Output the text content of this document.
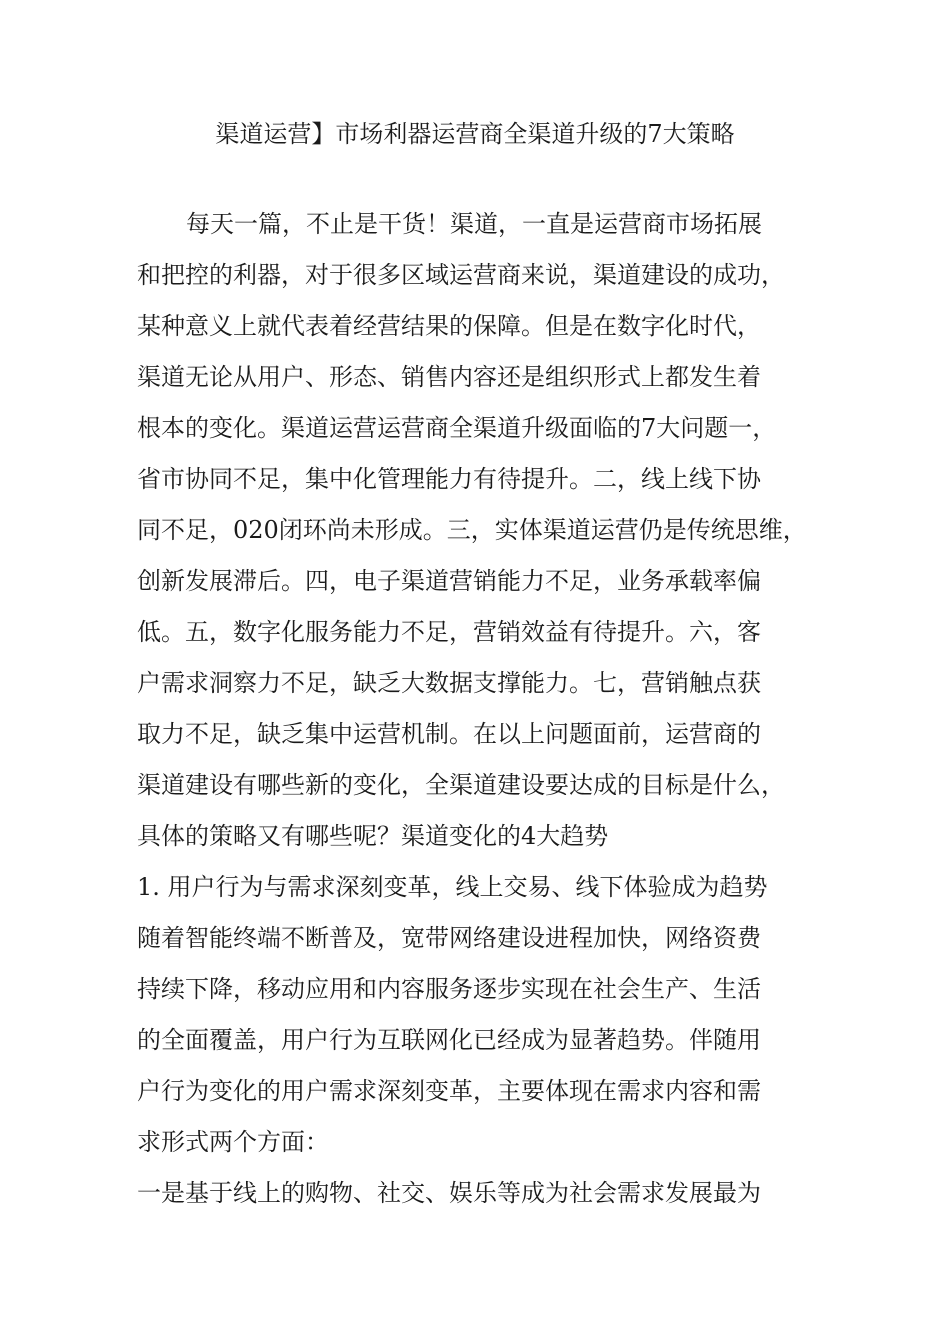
渠道运营】市场利器运营商全渠道升级的7大策略
每天一篇，不止是干货！渠道，一直是运营商市场拓展
和把控的利器，对于很多区域运营商来说，渠道建设的成功，
某种意义上就代表着经营结果的保障。但是在数字化时代，
渠道无论从用户、形态、销售内容还是组织形式上都发生着
根本的变化。渠道运营运营商全渠道升级面临的7大问题一，
省市协同不足，集中化管理能力有待提升。二，线上线下协
同不足，020闭环尚未形成。三，实体渠道运营仍是传统思维，
创新发展滞后。四，电子渠道营销能力不足，业务承载率偏
低。五，数字化服务能力不足，营销效益有待提升。六，客
户需求洞察力不足，缺乏大数据支撑能力。七，营销触点获
取力不足，缺乏集中运营机制。在以上问题面前，运营商的
渠道建设有哪些新的变化，全渠道建设要达成的目标是什么，
具体的策略又有哪些呢？渠道变化的4大趋势
1. 用户行为与需求深刻变革，线上交易、线下体验成为趋势
随着智能终端不断普及，宽带网络建设进程加快，网络资费
持续下降，移动应用和内容服务逐步实现在社会生产、生活
的全面覆盖，用户行为互联网化已经成为显著趋势。伴随用
户行为变化的用户需求深刻变革，主要体现在需求内容和需
求形式两个方面：
一是基于线上的购物、社交、娱乐等成为社会需求发展最为
